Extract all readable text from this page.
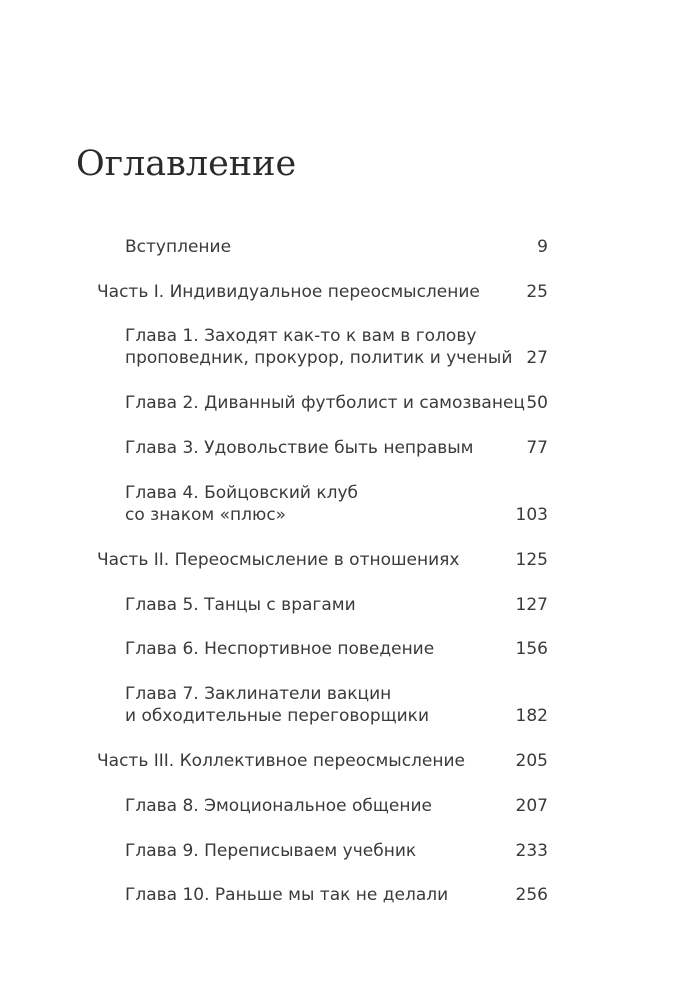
Оглавление
Вступление	9
Часть I. Индивидуальное переосмысление	25
Глава 1. Заходят как-то к вам в голову
проповедник, прокурор, политик и ученый 27
Глава 2. Диванный футболист и самозванец 50
Глава 3. Удовольствие быть неправым	77
Глава 4. Бойцовский клуб
со знаком «плюс»	103
Часть II. Переосмысление в отношениях	125
Глава 5. Танцы с врагами	127
Глава 6. Неспортивное поведение	156
Глава 7. Заклинатели вакцин
и обходительные переговорщики	182
Часть III. Коллективное переосмысление	205
Глава 8. Эмоциональное общение	207
Глава 9. Переписываем учебник	233
Глава 10. Раньше мы так не делали	256
